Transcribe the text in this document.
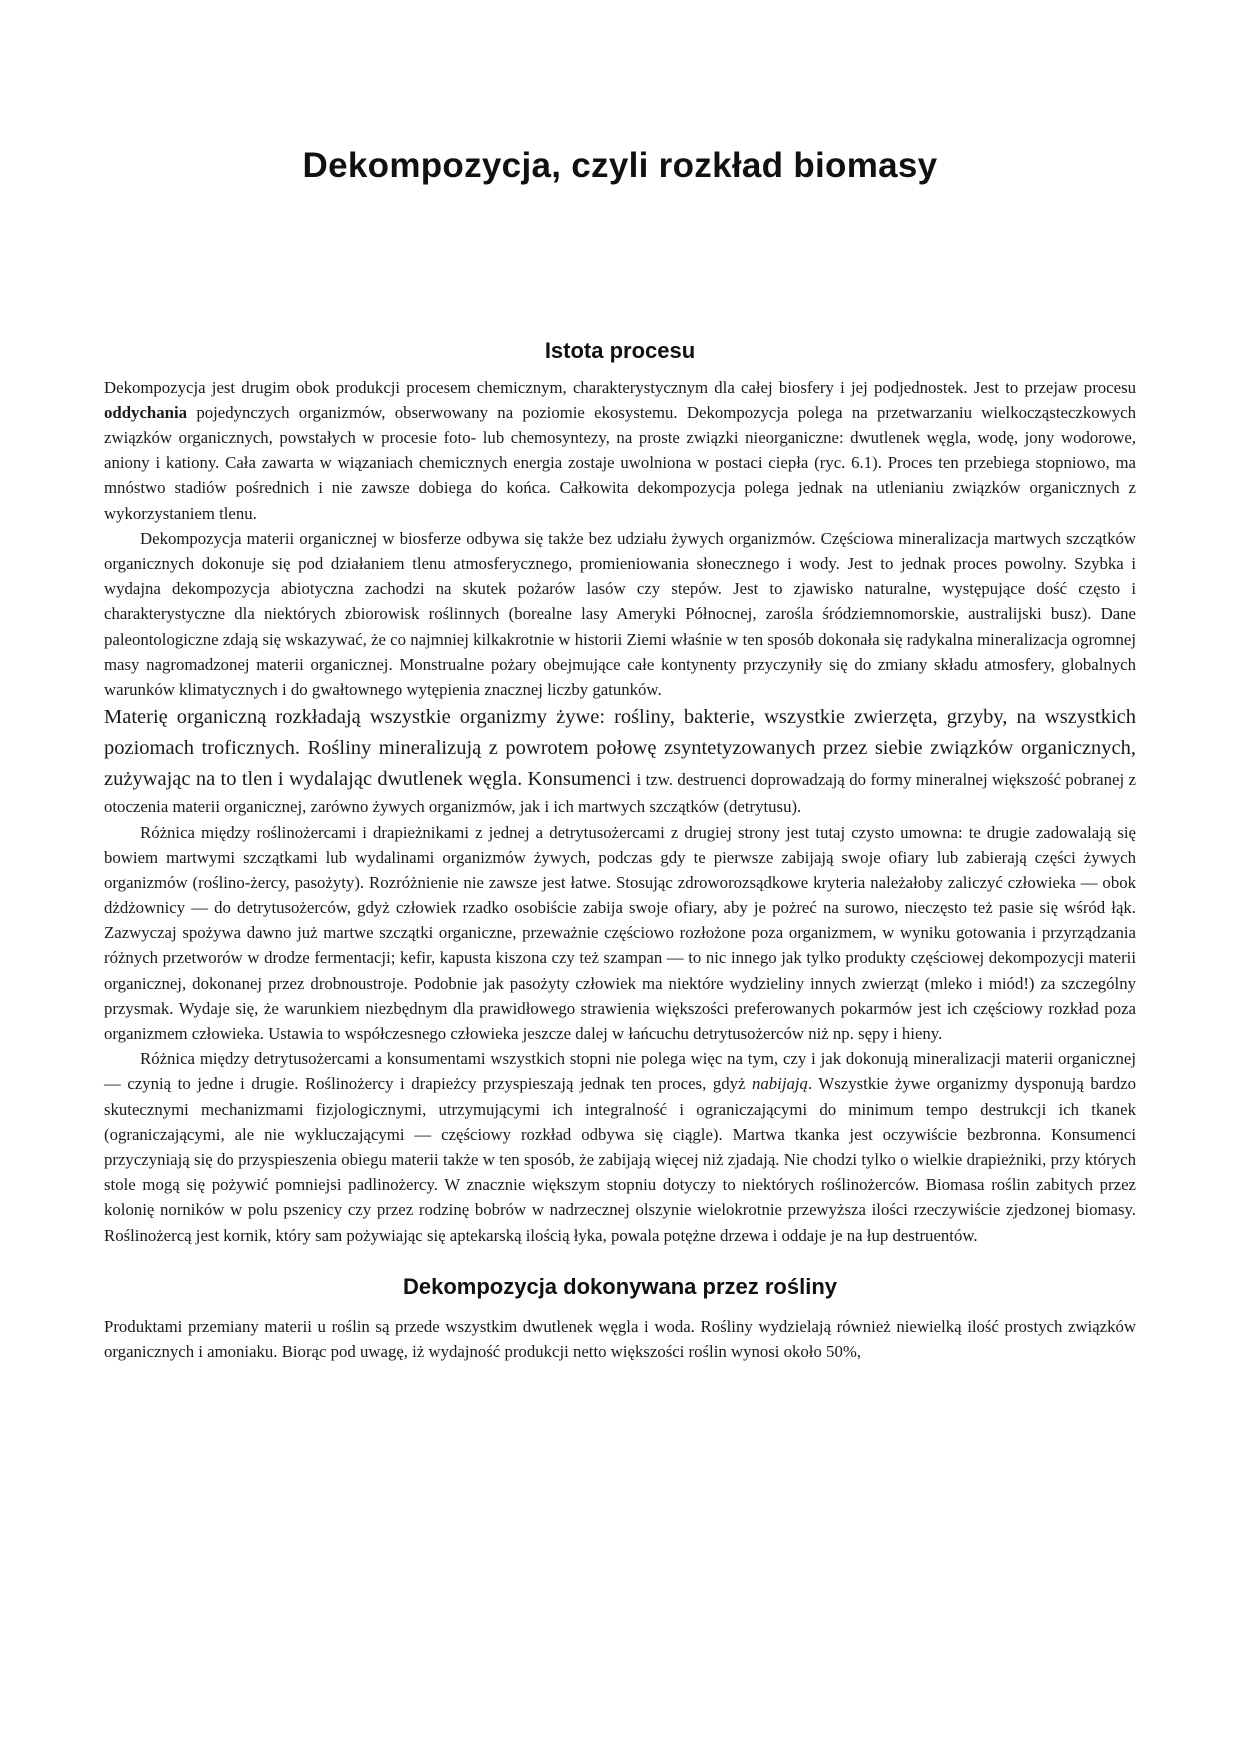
Dekompozycja, czyli rozkład biomasy
Istota procesu

Dekompozycja jest drugim obok produkcji procesem chemicznym, charakterystycznym dla całej biosfery i jej podjednostek. Jest to przejaw procesu oddychania pojedynczych organizmów, obserwowany na poziomie ekosystemu. Dekompozycja polega na przetwarzaniu wielkocząsteczkowych związków organicznych, powstałych w procesie foto- lub chemosyntezy, na proste związki nieorganiczne: dwutlenek węgla, wodę, jony wodorowe, aniony i kationy. Cała zawarta w wiązaniach chemicznych energia zostaje uwolniona w postaci ciepła (ryc. 6.1). Proces ten przebiega stopniowo, ma mnóstwo stadiów pośrednich i nie zawsze dobiega do końca. Całkowita dekompozycja polega jednak na utlenianiu związków organicznych z wykorzystaniem tlenu.

Dekompozycja materii organicznej w biosferze odbywa się także bez udziału żywych organizmów. Częściowa mineralizacja martwych szczątków organicznych dokonuje się pod działaniem tlenu atmosferycznego, promieniowania słonecznego i wody. Jest to jednak proces powolny. Szybka i wydajna dekompozycja abiotyczna zachodzi na skutek pożarów lasów czy stepów. Jest to zjawisko naturalne, występujące dość często i charakterystyczne dla niektórych zbiorowisk roślinnych (borealne lasy Ameryki Północnej, zarośla śródziemnomorskie, australijski busz). Dane paleontologiczne zdają się wskazywać, że co najmniej kilkakrotnie w historii Ziemi właśnie w ten sposób dokonała się radykalna mineralizacja ogromnej masy nagromadzonej materii organicznej. Monstrualne pożary obejmujące całe kontynenty przyczyniły się do zmiany składu atmosfery, globalnych warunków klimatycznych i do gwałtownego wytępienia znacznej liczby gatunków.

Materię organiczną rozkładają wszystkie organizmy żywe: rośliny, bakterie, wszystkie zwierzęta, grzyby, na wszystkich poziomach troficznych. Rośliny mineralizują z powrotem połowę zsyntetyzowanych przez siebie związków organicznych, zużywając na to tlen i wydalając dwutlenek węgla. Konsumenci i tzw. destruenci doprowadzają do formy mineralnej większość pobranej z otoczenia materii organicznej, zarówno żywych organizmów, jak i ich martwych szczątków (detrytusu).

Różnica między roślinożercami i drapieżnikami z jednej a detrytusożercami z drugiej strony jest tutaj czysto umowna: te drugie zadowalają się bowiem martwymi szczątkami lub wydalinami organizmów żywych, podczas gdy te pierwsze zabijają swoje ofiary lub zabierają części żywych organizmów (roślino-żercy, pasożyty). Rozróżnienie nie zawsze jest łatwe. Stosując zdroworozsądkowe kryteria należałoby zaliczyć człowieka — obok dżdżownicy — do detrytusożerców, gdyż człowiek rzadko osobiście zabija swoje ofiary, aby je pożreć na surowo, nieczęsto też pasie się wśród łąk. Zazwyczaj spożywa dawno już martwe szczątki organiczne, przeważnie częściowo rozłożone poza organizmem, w wyniku gotowania i przyrządzania różnych przetworów w drodze fermentacji; kefir, kapusta kiszona czy też szampan — to nic innego jak tylko produkty częściowej dekompozycji materii organicznej, dokonanej przez drobnoustroje. Podobnie jak pasożyty człowiek ma niektóre wydzieliny innych zwierząt (mleko i miód!) za szczególny przysmak. Wydaje się, że warunkiem niezbędnym dla prawidłowego strawienia większości preferowanych pokarmów jest ich częściowy rozkład poza organizmem człowieka. Ustawia to współczesnego człowieka jeszcze dalej w łańcuchu detrytusożerców niż np. sępy i hieny.

Różnica między detrytusożercami a konsumentami wszystkich stopni nie polega więc na tym, czy i jak dokonują mineralizacji materii organicznej — czynią to jedne i drugie. Roślinożercy i drapieżcy przyspieszają jednak ten proces, gdyż nabijają. Wszystkie żywe organizmy dysponują bardzo skutecznymi mechanizmami fizjologicznymi, utrzymującymi ich integralność i ograniczającymi do minimum tempo destrukcji ich tkanek (ograniczającymi, ale nie wykluczającymi — częściowy rozkład odbywa się ciągle). Martwa tkanka jest oczywiście bezbronna. Konsumenci przyczyniają się do przyspieszenia obiegu materii także w ten sposób, że zabijają więcej niż zjadają. Nie chodzi tylko o wielkie drapieżniki, przy których stole mogą się pożywić pomniejsi padlinożercy. W znacznie większym stopniu dotyczy to niektórych roślinożerców. Biomasa roślin zabitych przez kolonię norników w polu pszenicy czy przez rodzinę bobrów w nadrzecznej olszynie wielokrotnie przewyższa ilości rzeczywiście zjedzonej biomasy. Roślinożercą jest kornik, który sam pożywiając się aptekarską ilością łyka, powala potężne drzewa i oddaje je na łup destruentów.

Dekompozycja dokonywana przez rośliny

Produktami przemiany materii u roślin są przede wszystkim dwutlenek węgla i woda. Rośliny wydzielają również niewielką ilość prostych związków organicznych i amoniaku. Biorąc pod uwagę, iż wydajność produkcji netto większości roślin wynosi około 50%,
